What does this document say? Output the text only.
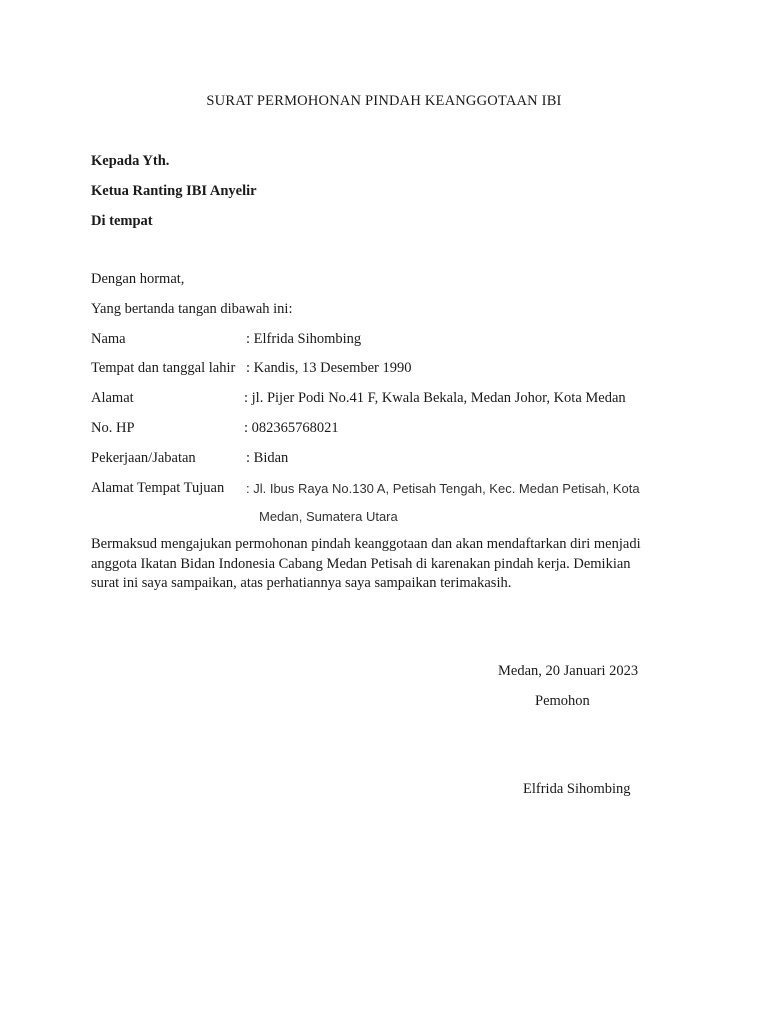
SURAT PERMOHONAN PINDAH KEANGGOTAAN IBI

Kepada Yth.

Ketua Ranting IBI Anyelir

Di tempat

Dengan hormat,

Yang bertanda tangan dibawah ini:

Nama	: Elfrida Sihombing

Tempat dan tanggal lahir : Kandis, 13 Desember 1990

Alamat	: jl. Pijer Podi No.41 F, Kwala Bekala, Medan Johor, Kota Medan

No. HP	: 082365768021

Pekerjaan/Jabatan	: Bidan

Alamat Tempat Tujuan : Jl. Ibus Raya No.130 A, Petisah Tengah, Kec. Medan Petisah, Kota

Medan, Sumatera Utara

Bermaksud mengajukan permohonan pindah keanggotaan dan akan mendaftarkan diri menjadi
anggota Ikatan Bidan Indonesia Cabang Medan Petisah di karenakan pindah kerja. Demikian
surat ini saya sampaikan, atas perhatiannya saya sampaikan terimakasih.

Medan, 20 Januari 2023

Pemohon

Elfrida Sihombing
